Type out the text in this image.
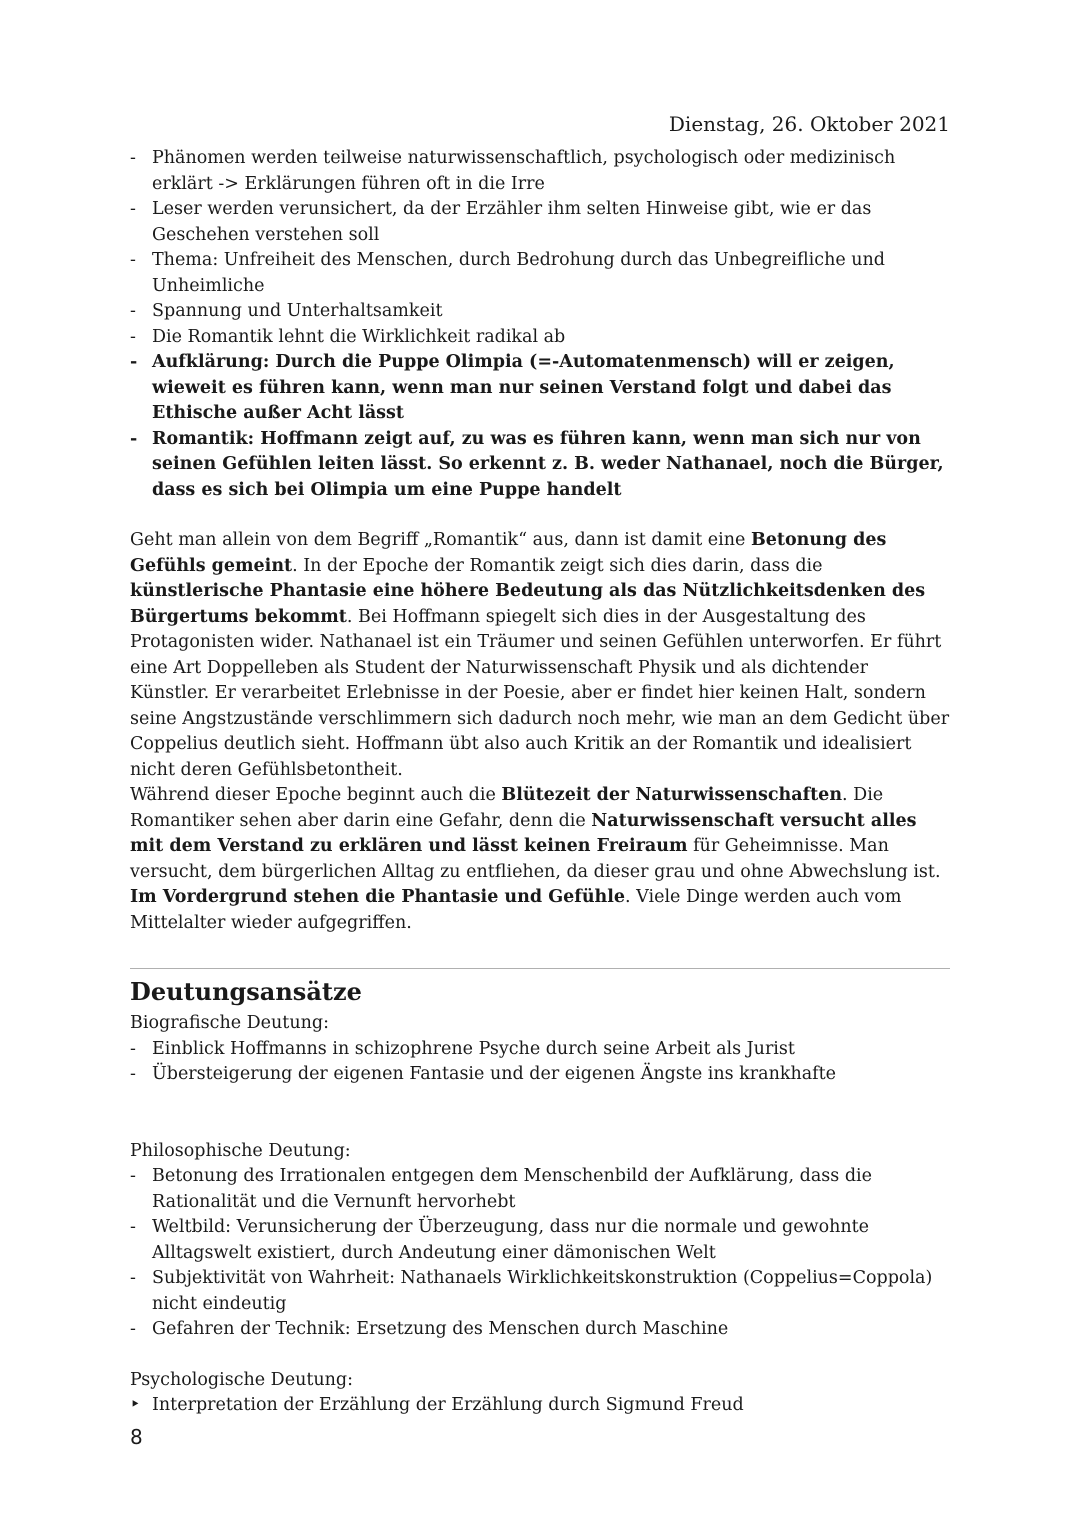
Dienstag, 26. Oktober 2021
- Phänomen werden teilweise naturwissenschaftlich, psychologisch oder medizinisch erklärt -> Erklärungen führen oft in die Irre
- Leser werden verunsichert, da der Erzähler ihm selten Hinweise gibt, wie er das Geschehen verstehen soll
- Thema: Unfreiheit des Menschen, durch Bedrohung durch das Unbegreifliche und Unheimliche
- Spannung und Unterhaltsamkeit
- Die Romantik lehnt die Wirklichkeit radikal ab
- Aufklärung: Durch die Puppe Olimpia (=-Automatenmensch) will er zeigen, wieweit es führen kann, wenn man nur seinen Verstand folgt und dabei das Ethische außer Acht lässt
- Romantik: Hoffmann zeigt auf, zu was es führen kann, wenn man sich nur von seinen Gefühlen leiten lässt. So erkennt z. B. weder Nathanael, noch die Bürger, dass es sich bei Olimpia um eine Puppe handelt

Geht man allein von dem Begriff „Romantik“ aus, dann ist damit eine Betonung des Gefühls gemeint. In der Epoche der Romantik zeigt sich dies darin, dass die künstlerische Phantasie eine höhere Bedeutung als das Nützlichkeitsdenken des Bürgertums bekommt. Bei Hoffmann spiegelt sich dies in der Ausgestaltung des Protagonisten wider. Nathanael ist ein Träumer und seinen Gefühlen unterworfen. Er führt eine Art Doppelleben als Student der Naturwissenschaft Physik und als dichtender Künstler. Er verarbeitet Erlebnisse in der Poesie, aber er findet hier keinen Halt, sondern seine Angstzustände verschlimmern sich dadurch noch mehr, wie man an dem Gedicht über Coppelius deutlich sieht. Hoffmann übt also auch Kritik an der Romantik und idealisiert nicht deren Gefühlsbetontheit.

Während dieser Epoche beginnt auch die Blütezeit der Naturwissenschaften. Die Romantiker sehen aber darin eine Gefahr, denn die Naturwissenschaft versucht alles mit dem Verstand zu erklären und lässt keinen Freiraum für Geheimnisse. Man versucht, dem bürgerlichen Alltag zu entfliehen, da dieser grau und ohne Abwechslung ist. Im Vordergrund stehen die Phantasie und Gefühle. Viele Dinge werden auch vom Mittelalter wieder aufgegriffen.

Deutungsansätze
Biografische Deutung:
- Einblick Hoffmanns in schizophrene Psyche durch seine Arbeit als Jurist
- Übersteigerung der eigenen Fantasie und der eigenen Ängste ins krankhafte
Philosophische Deutung:
- Betonung des Irrationalen entgegen dem Menschenbild der Aufklärung, dass die Rationalität und die Vernunft hervorhebt
- Weltbild: Verunsicherung der Überzeugung, dass nur die normale und gewohnte Alltagswelt existiert, durch Andeutung einer dämonischen Welt
- Subjektivität von Wahrheit: Nathanaels Wirklichkeitskonstruktion (Coppelius=Coppola) nicht eindeutig
- Gefahren der Technik: Ersetzung des Menschen durch Maschine
Psychologische Deutung:
‣ Interpretation der Erzählung der Erzählung durch Sigmund Freud
8
